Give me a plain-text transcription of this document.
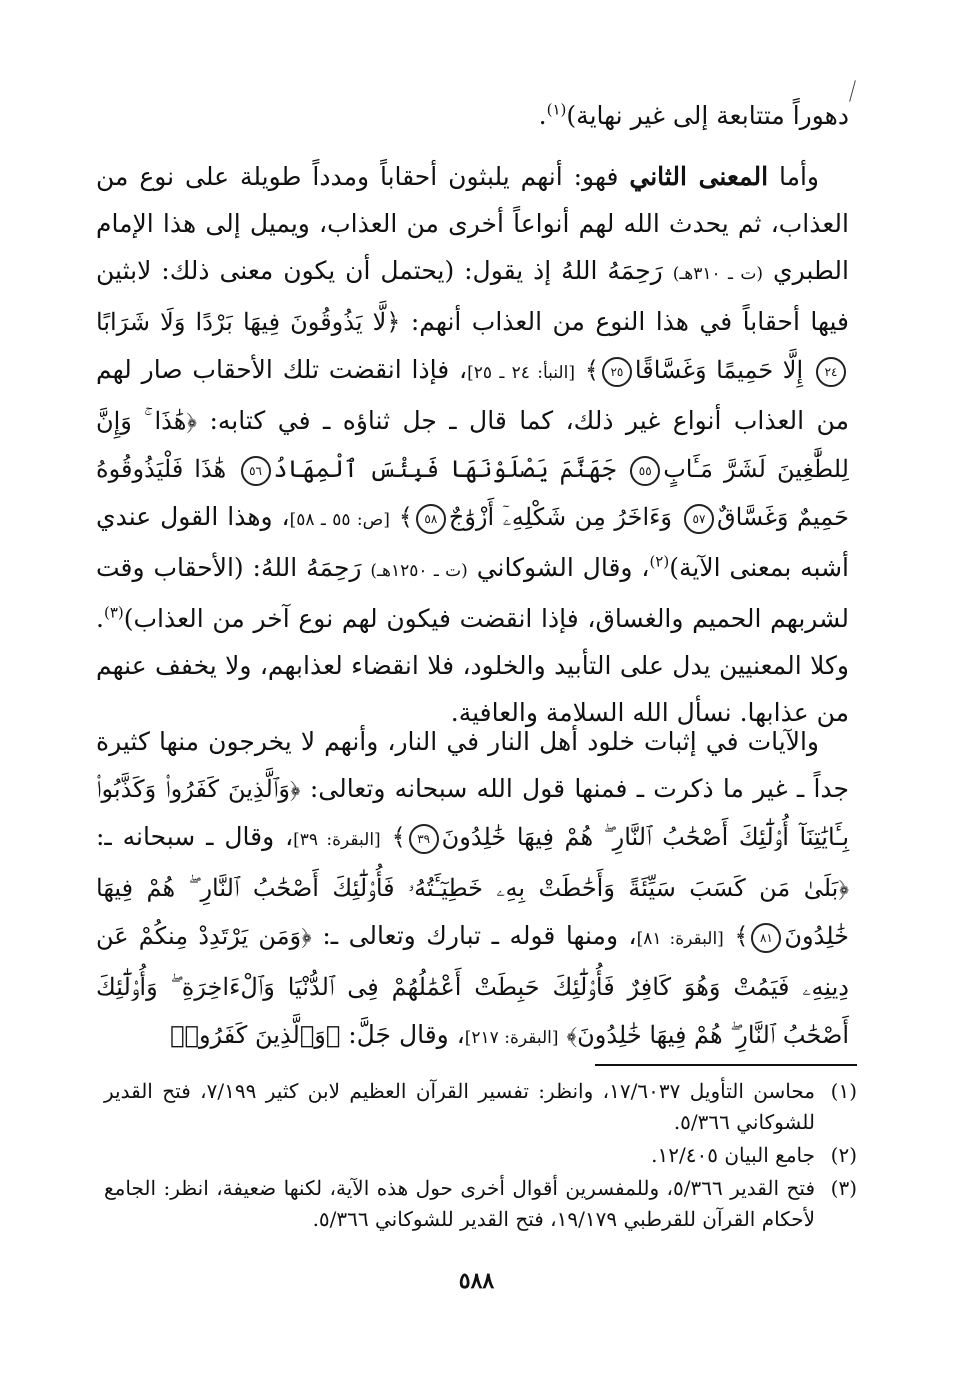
دهوراً متتابعة إلى غير نهاية)$^{(١)}$.

وأما المعنى الثاني فهو: أنهم يلبثون أحقاباً ومدداً طويلة على نوع من العذاب، ثم يحدث الله لهم أنواعاً أخرى من العذاب، ويميل إلى هذا الإمام الطبري (ت ـ ٣١٠هـ) رَحِمَهُ اللهُ إذ يقول: (يحتمل أن يكون معنى ذلك: لابثين فيها أحقاباً في هذا النوع من العذاب أنهم: ﴿لَّا يَذُوقُونَ فِيهَا بَرْدًا وَلَا شَرَابًا٢٤ إِلَّا حَمِيمًا وَغَسَّاقًا٢٥﴾ [النبأ: ٢٤ ـ ٢٥]، فإذا انقضت تلك الأحقاب صار لهم من العذاب أنواع غير ذلك، كما قال ـ جل ثناؤه ـ في كتابه: ﴿هَٰذَا ۚ وَإِنَّ لِلطَّٰغِينَ لَشَرَّ مَـَٔابٍ٥٥ جَهَنَّمَ يَصْلَوْنَهَا فَبِئْسَ ٱلْمِهَادُ٥٦ هَٰذَا فَلْيَذُوقُوهُ حَمِيمٌ وَغَسَّاقٌ٥٧ وَءَاخَرُ مِن شَكْلِهِۦٓ أَزْوَٰجٌ٥٨﴾ [ص: ٥٥ ـ ٥٨]، وهذا القول عندي أشبه بمعنى الآية)$^{(٢)}$، وقال الشوكاني (ت ـ ١٢٥٠هـ) رَحِمَهُ اللهُ: (الأحقاب وقت لشربهم الحميم والغساق، فإذا انقضت فيكون لهم نوع آخر من العذاب)$^{(٣)}$. وكلا المعنيين يدل على التأبيد والخلود، فلا انقضاء لعذابهم، ولا يخفف عنهم من عذابها. نسأل الله السلامة والعافية.

والآيات في إثبات خلود أهل النار في النار، وأنهم لا يخرجون منها كثيرة جداً ـ غير ما ذكرت ـ فمنها قول الله سبحانه وتعالى: ﴿وَٱلَّذِينَ كَفَرُوا۟ وَكَذَّبُوا۟ بِـَٔايَٰتِنَآ أُو۟لَٰٓئِكَ أَصْحَٰبُ ٱلنَّارِ ۖ هُمْ فِيهَا خَٰلِدُونَ٣٩﴾ [البقرة: ٣٩]، وقال ـ سبحانه ـ: ﴿بَلَىٰ مَن كَسَبَ سَيِّئَةً وَأَحَٰطَتْ بِهِۦ خَطِيٓـَٔتُهُۥ فَأُو۟لَٰٓئِكَ أَصْحَٰبُ ٱلنَّارِ ۖ هُمْ فِيهَا خَٰلِدُونَ٨١﴾ [البقرة: ٨١]، ومنها قوله ـ تبارك وتعالى ـ: ﴿وَمَن يَرْتَدِدْ مِنكُمْ عَن دِينِهِۦ فَيَمُتْ وَهُوَ كَافِرٌ فَأُو۟لَٰٓئِكَ حَبِطَتْ أَعْمَٰلُهُمْ فِى ٱلدُّنْيَا وَٱلْءَاخِرَةِ ۖ وَأُو۟لَٰٓئِكَ أَصْحَٰبُ ٱلنَّارِ ۖ هُمْ فِيهَا خَٰلِدُونَ﴾ [البقرة: ٢١٧]، وقال جَلَّ: ﴿وَٱلَّذِينَ كَفَرُوا۟

(١)
محاسن التأويل ١٧/٦٠٣٧، وانظر: تفسير القرآن العظيم لابن كثير ٧/١٩٩، فتح القدير للشوكاني ٥/٣٦٦.
(٢)
جامع البيان ١٢/٤٠٥.
(٣)
فتح القدير ٥/٣٦٦، وللمفسرين أقوال أخرى حول هذه الآية، لكنها ضعيفة، انظر: الجامع لأحكام القرآن للقرطبي ١٩/١٧٩، فتح القدير للشوكاني ٥/٣٦٦.
٥٨٨
